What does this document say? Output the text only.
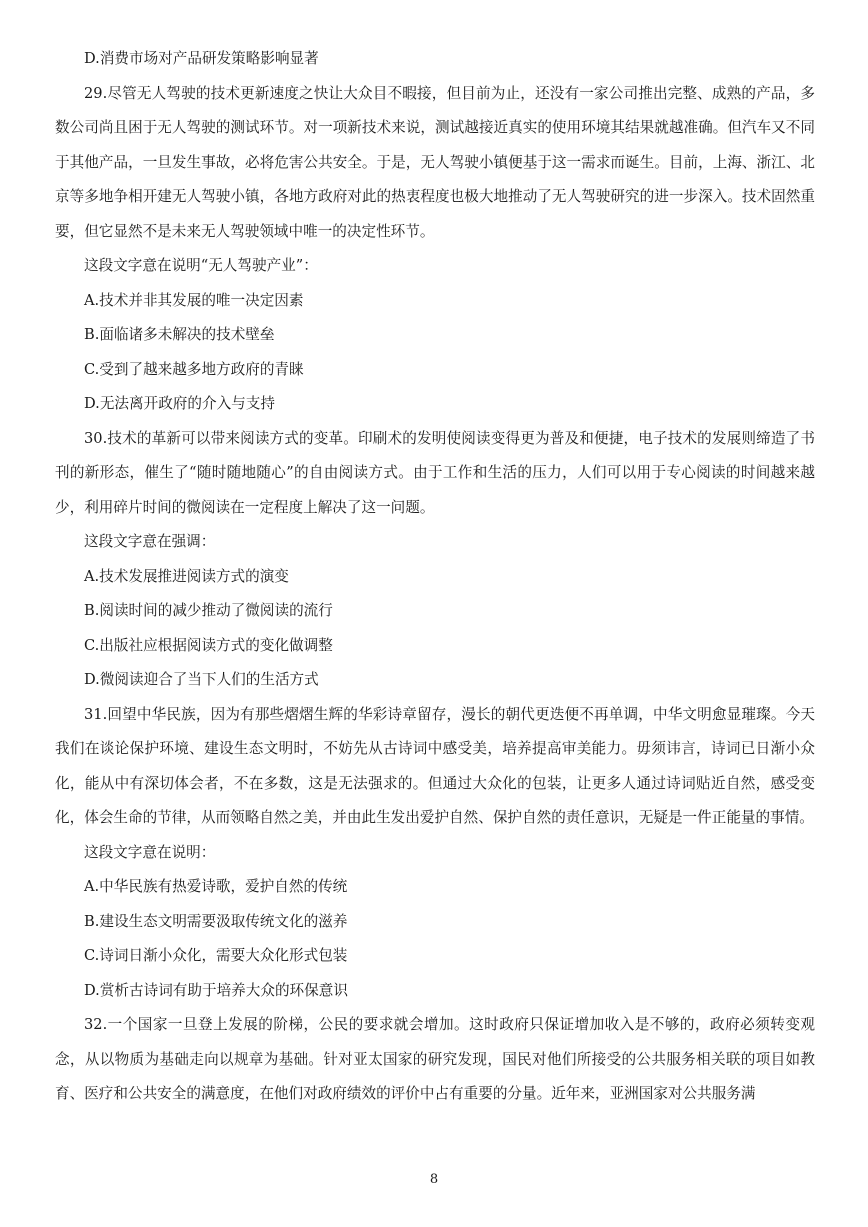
D.消费市场对产品研发策略影响显著
29.尽管无人驾驶的技术更新速度之快让大众目不暇接，但目前为止，还没有一家公司推出完整、成熟的产品，多数公司尚且困于无人驾驶的测试环节。对一项新技术来说，测试越接近真实的使用环境其结果就越准确。但汽车又不同于其他产品，一旦发生事故，必将危害公共安全。于是，无人驾驶小镇便基于这一需求而诞生。目前，上海、浙江、北京等多地争相开建无人驾驶小镇，各地方政府对此的热衷程度也极大地推动了无人驾驶研究的进一步深入。技术固然重要，但它显然不是未来无人驾驶领域中唯一的决定性环节。
这段文字意在说明“无人驾驶产业”：
A.技术并非其发展的唯一决定因素
B.面临诸多未解决的技术壁垒
C.受到了越来越多地方政府的青睐
D.无法离开政府的介入与支持
30.技术的革新可以带来阅读方式的变革。印刷术的发明使阅读变得更为普及和便捷，电子技术的发展则缔造了书刊的新形态，催生了“随时随地随心”的自由阅读方式。由于工作和生活的压力，人们可以用于专心阅读的时间越来越少，利用碎片时间的微阅读在一定程度上解决了这一问题。
这段文字意在强调：
A.技术发展推进阅读方式的演变
B.阅读时间的减少推动了微阅读的流行
C.出版社应根据阅读方式的变化做调整
D.微阅读迎合了当下人们的生活方式
31.回望中华民族，因为有那些熠熠生辉的华彩诗章留存，漫长的朝代更迭便不再单调，中华文明愈显璀璨。今天我们在谈论保护环境、建设生态文明时，不妨先从古诗词中感受美，培养提高审美能力。毋须讳言，诗词已日渐小众化，能从中有深切体会者，不在多数，这是无法强求的。但通过大众化的包装，让更多人通过诗词贴近自然，感受变化，体会生命的节律，从而领略自然之美，并由此生发出爱护自然、保护自然的责任意识，无疑是一件正能量的事情。
这段文字意在说明：
A.中华民族有热爱诗歌，爱护自然的传统
B.建设生态文明需要汲取传统文化的滋养
C.诗词日渐小众化，需要大众化形式包装
D.赏析古诗词有助于培养大众的环保意识
32.一个国家一旦登上发展的阶梯，公民的要求就会增加。这时政府只保证增加收入是不够的，政府必须转变观念，从以物质为基础走向以规章为基础。针对亚太国家的研究发现，国民对他们所接受的公共服务相关联的项目如教育、医疗和公共安全的满意度，在他们对政府绩效的评价中占有重要的分量。近年来，亚洲国家对公共服务满
8
